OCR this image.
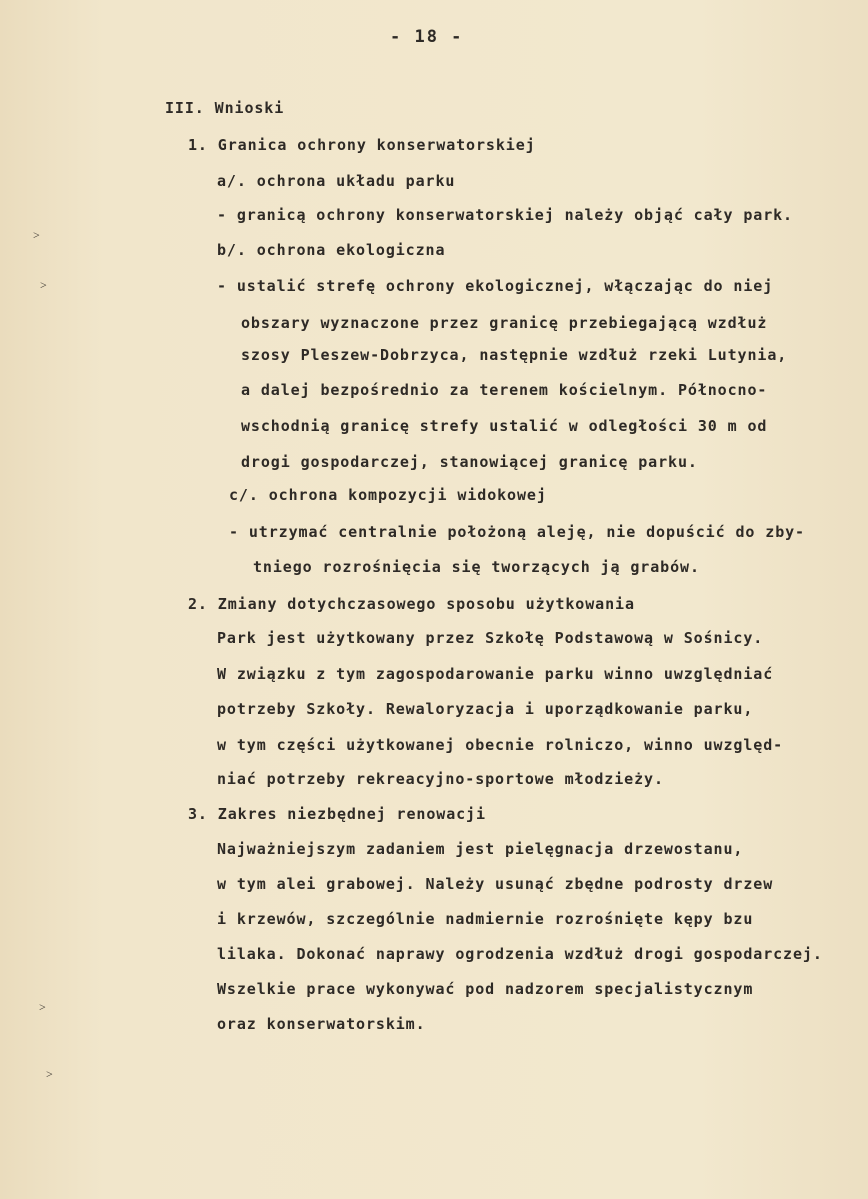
- 18 -
III. Wnioski
1. Granica ochrony konserwatorskiej
a/. ochrona układu parku
- granicą ochrony konserwatorskiej należy objąć cały park.
b/. ochrona ekologiczna
- ustalić strefę ochrony ekologicznej, włączając do niej
obszary wyznaczone przez granicę przebiegającą wzdłuż
szosy Pleszew-Dobrzyca, następnie wzdłuż rzeki Lutynia,
a dalej bezpośrednio za terenem kościelnym. Północno-
wschodnią granicę strefy ustalić w odległości 30 m od
drogi gospodarczej, stanowiącej granicę parku.
c/. ochrona kompozycji widokowej
- utrzymać centralnie położoną aleję, nie dopuścić do zby-
tniego rozrośnięcia się tworzących ją grabów.
2. Zmiany dotychczasowego sposobu użytkowania
Park jest użytkowany przez Szkołę Podstawową w Sośnicy.
W związku z tym zagospodarowanie parku winno uwzględniać
potrzeby Szkoły. Rewaloryzacja i uporządkowanie parku,
w tym części użytkowanej obecnie rolniczo, winno uwzględ-
niać potrzeby rekreacyjno-sportowe młodzieży.
3. Zakres niezbędnej renowacji
Najważniejszym zadaniem jest pielęgnacja drzewostanu,
w tym alei grabowej. Należy usunąć zbędne podrosty drzew
i krzewów, szczególnie nadmiernie rozrośnięte kępy bzu
lilaka. Dokonać naprawy ogrodzenia wzdłuż drogi gospodarczej.
Wszelkie prace wykonywać pod nadzorem specjalistycznym
oraz konserwatorskim.
˃
˃
˃
˃
